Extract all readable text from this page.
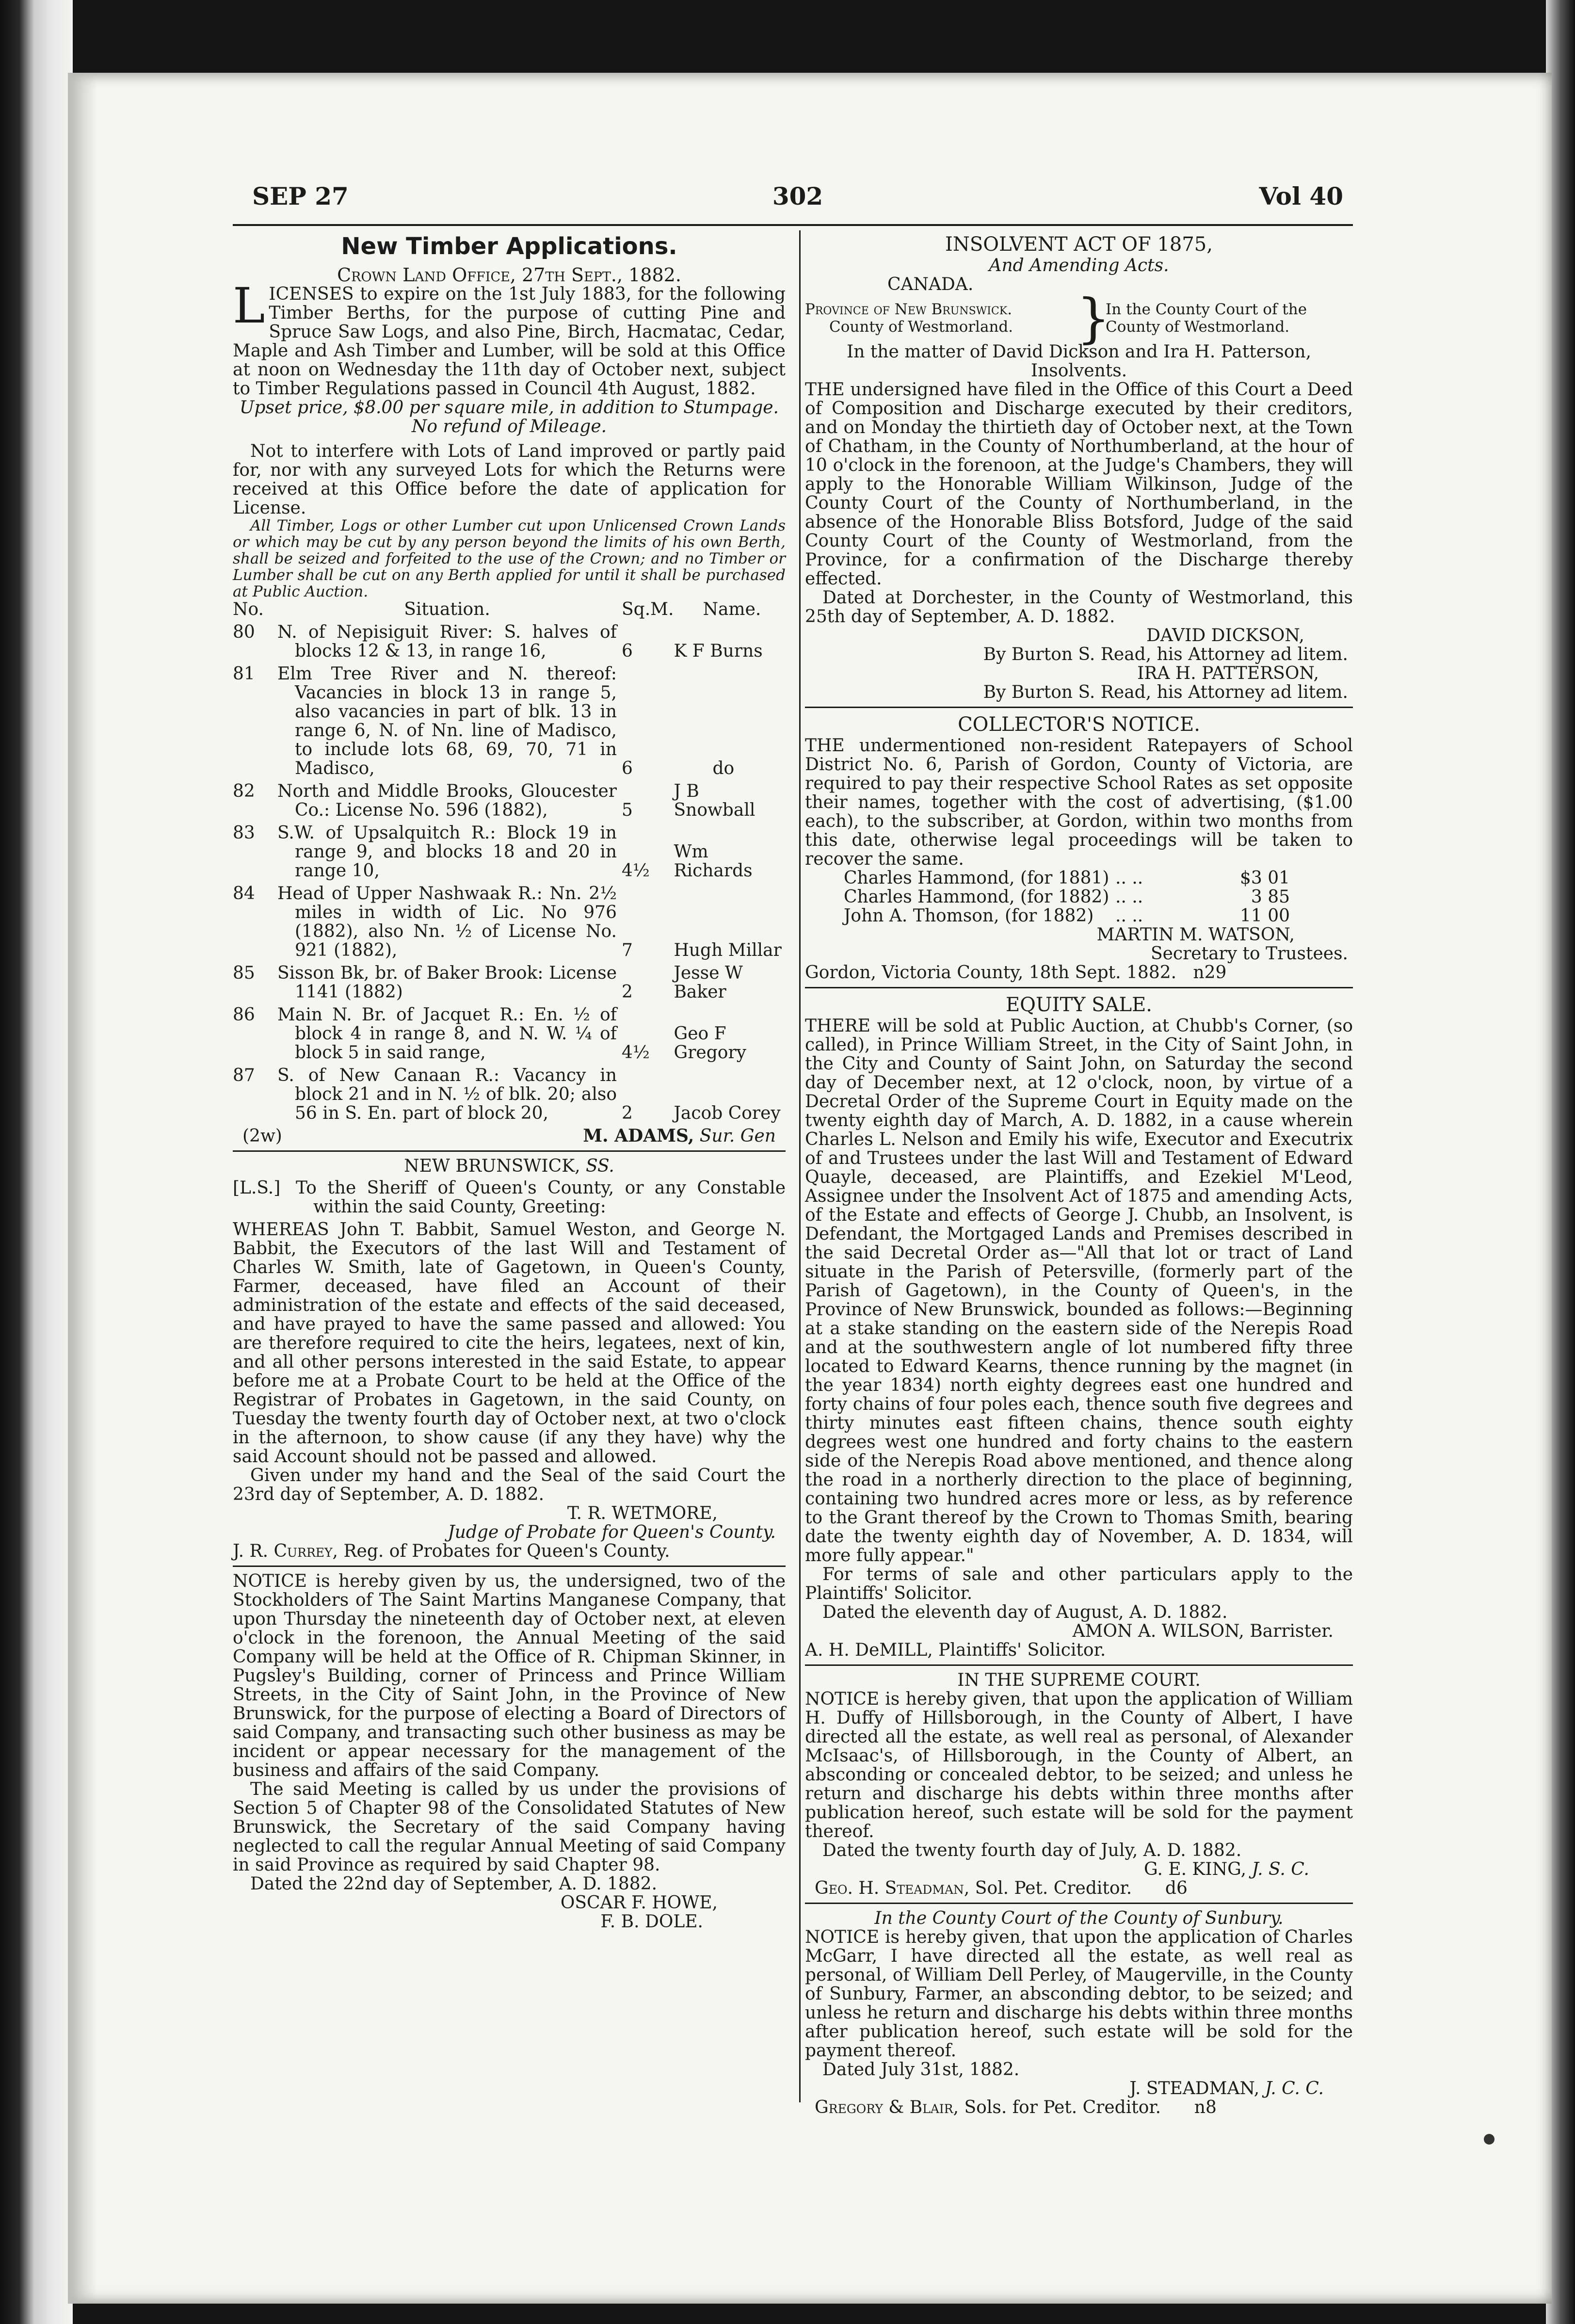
SEP 27	302	Vol 40

New Timber Applications.

Crown Land Office, 27th Sept., 1882.

LICENSES to expire on the 1st July 1883, for the following Timber Berths, for the purpose of cutting Pine and Spruce Saw Logs, and also Pine, Birch, Hacmatac, Cedar, Maple and Ash Timber and Lumber, will be sold at this Office at noon on Wednesday the 11th day of October next, subject to Timber Regulations passed in Council 4th August, 1882.

Upset price, $8.00 per square mile, in addition to Stumpage.

No refund of Mileage.

Not to interfere with Lots of Land improved or partly paid for, nor with any surveyed Lots for which the Returns were received at this Office before the date of application for License.

All Timber, Logs or other Lumber cut upon Unlicensed Crown Lands or which may be cut by any person beyond the limits of his own Berth, shall be seized and forfeited to the use of the Crown; and no Timber or Lumber shall be cut on any Berth applied for until it shall be purchased at Public Auction.

No.	Situation.	Sq.M.	Name.
80	N. of Nepisiguit River: S. halves of blocks 12 & 13, in range 16,	6	K F Burns
81	Elm Tree River and N. thereof: Vacancies in block 13 in range 5, also vacancies in part of blk. 13 in range 6, N. of Nn. line of Madisco, to include lots 68, 69, 70, 71 in Madisco,	6	do
82	North and Middle Brooks, Gloucester Co.: License No. 596 (1882),	5	J B Snowball
83	S.W. of Upsalquitch R.: Block 19 in range 9, and blocks 18 and 20 in range 10,	4½	Wm Richards
84	Head of Upper Nashwaak R.: Nn. 2½ miles in width of Lic. No 976 (1882), also Nn. ½ of License No. 921 (1882),	7	Hugh Millar
85	Sisson Bk, br. of Baker Brook: License 1141 (1882)	2	Jesse W Baker
86	Main N. Br. of Jacquet R.: En. ½ of block 4 in range 8, and N. W. ¼ of block 5 in said range,	4½	Geo F Gregory
87	S. of New Canaan R.: Vacancy in block 21 and in N. ½ of blk. 20; also 56 in S. En. part of block 20,	2	Jacob Corey
(2w)	M. ADAMS, Sur. Gen

NEW BRUNSWICK, SS.

[L.S.] To the Sheriff of Queen's County, or any Constable within the said County, Greeting:

WHEREAS John T. Babbit, Samuel Weston, and George N. Babbit, the Executors of the last Will and Testament of Charles W. Smith, late of Gagetown, in Queen's County, Farmer, deceased, have filed an Account of their administration of the estate and effects of the said deceased, and have prayed to have the same passed and allowed: You are therefore required to cite the heirs, legatees, next of kin, and all other persons interested in the said Estate, to appear before me at a Probate Court to be held at the Office of the Registrar of Probates in Gagetown, in the said County, on Tuesday the twenty fourth day of October next, at two o'clock in the afternoon, to show cause (if any they have) why the said Account should not be passed and allowed.

Given under my hand and the Seal of the said Court the 23rd day of September, A. D. 1882.

T. R. WETMORE,

Judge of Probate for Queen's County.

J. R. Currey, Reg. of Probates for Queen's County.

NOTICE is hereby given by us, the undersigned, two of the Stockholders of The Saint Martins Manganese Company, that upon Thursday the nineteenth day of October next, at eleven o'clock in the forenoon, the Annual Meeting of the said Company will be held at the Office of R. Chipman Skinner, in Pugsley's Building, corner of Princess and Prince William Streets, in the City of Saint John, in the Province of New Brunswick, for the purpose of electing a Board of Directors of said Company, and transacting such other business as may be incident or appear necessary for the management of the business and affairs of the said Company.

The said Meeting is called by us under the provisions of Section 5 of Chapter 98 of the Consolidated Statutes of New Brunswick, the Secretary of the said Company having neglected to call the regular Annual Meeting of said Company in said Province as required by said Chapter 98.

Dated the 22nd day of September, A. D. 1882.

OSCAR F. HOWE,

F. B. DOLE.

INSOLVENT ACT OF 1875,

And Amending Acts.

CANADA.

Province of New Brunswick.
County of Westmorland.	}
In the County Court of the
County of Westmorland.

In the matter of David Dickson and Ira H. Patterson, Insolvents.

THE undersigned have filed in the Office of this Court a Deed of Composition and Discharge executed by their creditors, and on Monday the thirtieth day of October next, at the Town of Chatham, in the County of Northumberland, at the hour of 10 o'clock in the forenoon, at the Judge's Chambers, they will apply to the Honorable William Wilkinson, Judge of the County Court of the County of Northumberland, in the absence of the Honorable Bliss Botsford, Judge of the said County Court of the County of Westmorland, from the Province, for a confirmation of the Discharge thereby effected.

Dated at Dorchester, in the County of Westmorland, this 25th day of September, A. D. 1882.

DAVID DICKSON,

By Burton S. Read, his Attorney ad litem.

IRA H. PATTERSON,

By Burton S. Read, his Attorney ad litem.

COLLECTOR'S NOTICE.

THE undermentioned non-resident Ratepayers of School District No. 6, Parish of Gordon, County of Victoria, are required to pay their respective School Rates as set opposite their names, together with the cost of advertising, ($1.00 each), to the subscriber, at Gordon, within two months from this date, otherwise legal proceedings will be taken to recover the same.

Charles Hammond, (for 1881)	.. ..	$3 01
Charles Hammond, (for 1882)	.. ..	3 85
John A. Thomson, (for 1882)	.. ..	11 00

MARTIN M. WATSON,

Secretary to Trustees.

Gordon, Victoria County, 18th Sept. 1882. n29

EQUITY SALE.

THERE will be sold at Public Auction, at Chubb's Corner, (so called), in Prince William Street, in the City of Saint John, in the City and County of Saint John, on Saturday the second day of December next, at 12 o'clock, noon, by virtue of a Decretal Order of the Supreme Court in Equity made on the twenty eighth day of March, A. D. 1882, in a cause wherein Charles L. Nelson and Emily his wife, Executor and Executrix of and Trustees under the last Will and Testament of Edward Quayle, deceased, are Plaintiffs, and Ezekiel M'Leod, Assignee under the Insolvent Act of 1875 and amending Acts, of the Estate and effects of George J. Chubb, an Insolvent, is Defendant, the Mortgaged Lands and Premises described in the said Decretal Order as—"All that lot or tract of Land situate in the Parish of Petersville, (formerly part of the Parish of Gagetown), in the County of Queen's, in the Province of New Brunswick, bounded as follows:—Beginning at a stake standing on the eastern side of the Nerepis Road and at the southwestern angle of lot numbered fifty three located to Edward Kearns, thence running by the magnet (in the year 1834) north eighty degrees east one hundred and forty chains of four poles each, thence south five degrees and thirty minutes east fifteen chains, thence south eighty degrees west one hundred and forty chains to the eastern side of the Nerepis Road above mentioned, and thence along the road in a northerly direction to the place of beginning, containing two hundred acres more or less, as by reference to the Grant thereof by the Crown to Thomas Smith, bearing date the twenty eighth day of November, A. D. 1834, will more fully appear."

For terms of sale and other particulars apply to the Plaintiffs' Solicitor.

Dated the eleventh day of August, A. D. 1882.

AMON A. WILSON, Barrister.

A. H. DeMILL, Plaintiffs' Solicitor.

IN THE SUPREME COURT.

NOTICE is hereby given, that upon the application of William H. Duffy of Hillsborough, in the County of Albert, I have directed all the estate, as well real as personal, of Alexander McIsaac's, of Hillsborough, in the County of Albert, an absconding or concealed debtor, to be seized; and unless he return and discharge his debts within three months after publication hereof, such estate will be sold for the payment thereof.

Dated the twenty fourth day of July, A. D. 1882.

G. E. KING, J. S. C.

Geo. H. Steadman, Sol. Pet. Creditor. d6

In the County Court of the County of Sunbury.

NOTICE is hereby given, that upon the application of Charles McGarr, I have directed all the estate, as well real as personal, of William Dell Perley, of Maugerville, in the County of Sunbury, Farmer, an absconding debtor, to be seized; and unless he return and discharge his debts within three months after publication hereof, such estate will be sold for the payment thereof.

Dated July 31st, 1882.

J. STEADMAN, J. C. C.

Gregory & Blair, Sols. for Pet. Creditor. n8
